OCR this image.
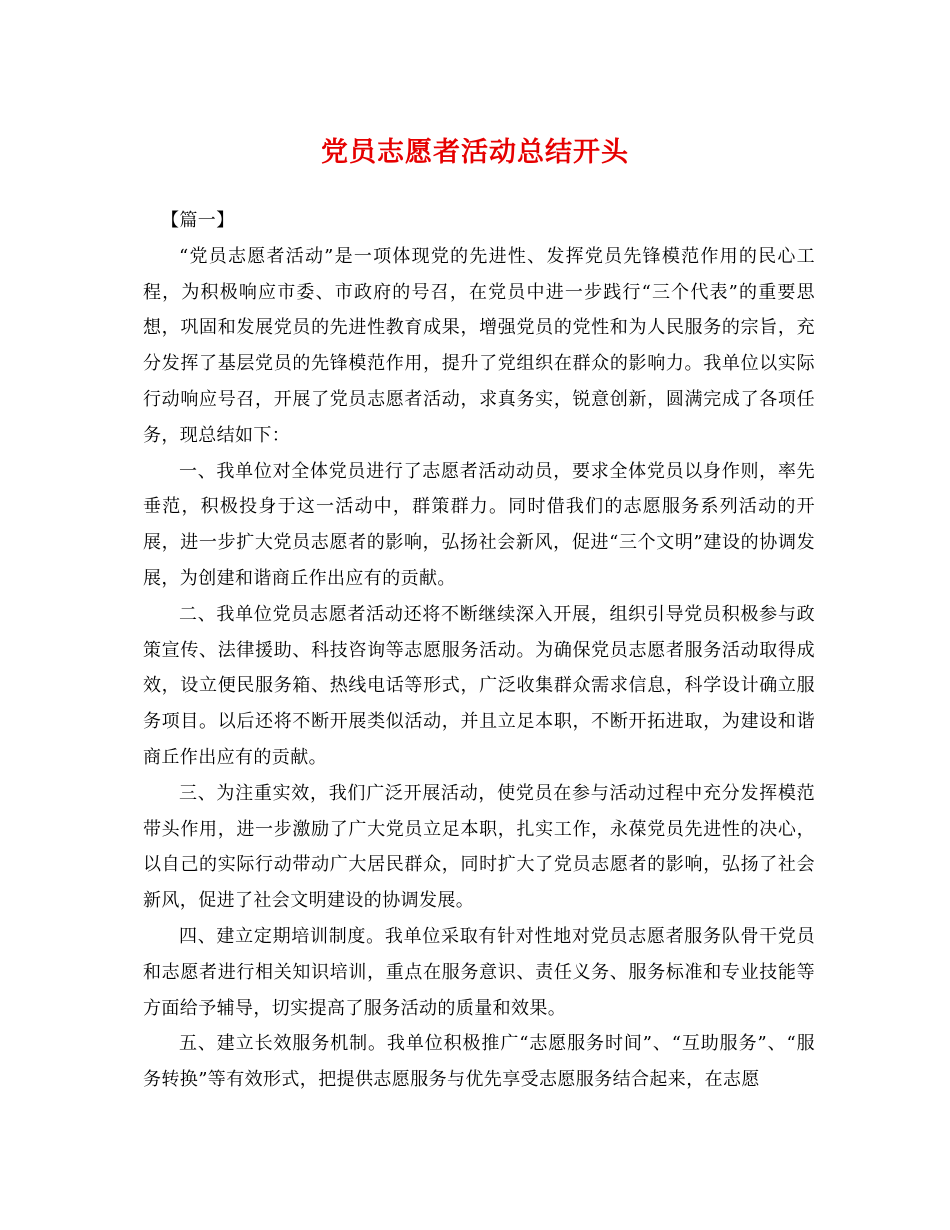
党员志愿者活动总结开头

【篇一】

“党员志愿者活动”是一项体现党的先进性、发挥党员先锋模范作用的民心工程，为积极响应市委、市政府的号召，在党员中进一步践行“三个代表”的重要思想，巩固和发展党员的先进性教育成果，增强党员的党性和为人民服务的宗旨，充分发挥了基层党员的先锋模范作用，提升了党组织在群众的影响力。我单位以实际行动响应号召，开展了党员志愿者活动，求真务实，锐意创新，圆满完成了各项任务，现总结如下：

一、我单位对全体党员进行了志愿者活动动员，要求全体党员以身作则，率先垂范，积极投身于这一活动中，群策群力。同时借我们的志愿服务系列活动的开展，进一步扩大党员志愿者的影响，弘扬社会新风，促进“三个文明”建设的协调发展，为创建和谐商丘作出应有的贡献。

二、我单位党员志愿者活动还将不断继续深入开展，组织引导党员积极参与政策宣传、法律援助、科技咨询等志愿服务活动。为确保党员志愿者服务活动取得成效，设立便民服务箱、热线电话等形式，广泛收集群众需求信息，科学设计确立服务项目。以后还将不断开展类似活动，并且立足本职，不断开拓进取，为建设和谐商丘作出应有的贡献。

三、为注重实效，我们广泛开展活动，使党员在参与活动过程中充分发挥模范带头作用，进一步激励了广大党员立足本职，扎实工作，永葆党员先进性的决心，以自己的实际行动带动广大居民群众，同时扩大了党员志愿者的影响，弘扬了社会新风，促进了社会文明建设的协调发展。

四、建立定期培训制度。我单位采取有针对性地对党员志愿者服务队骨干党员和志愿者进行相关知识培训，重点在服务意识、责任义务、服务标准和专业技能等方面给予辅导，切实提高了服务活动的质量和效果。

五、建立长效服务机制。我单位积极推广“志愿服务时间”、“互助服务”、“服务转换”等有效形式，把提供志愿服务与优先享受志愿服务结合起来，在志愿
